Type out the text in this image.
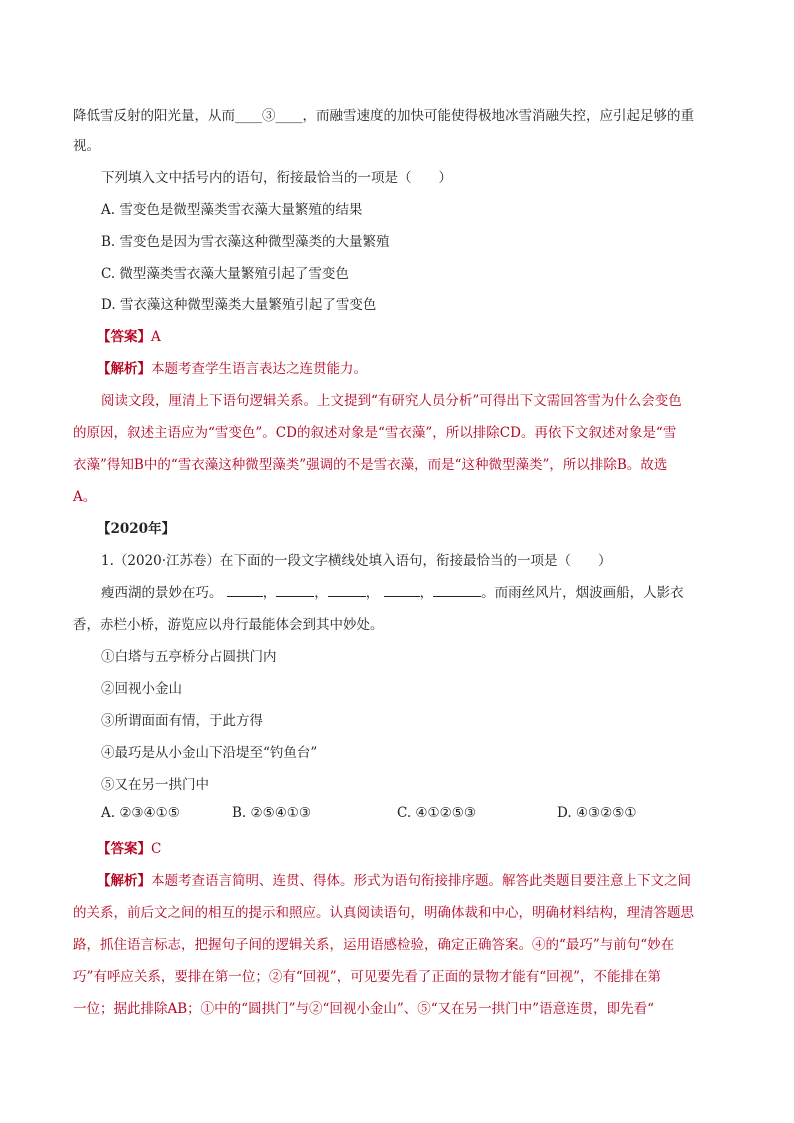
降低雪反射的阳光量，从而____③____，而融雪速度的加快可能使得极地冰雪消融失控，应引起足够的重
视。
下列填入文中括号内的语句，衔接最恰当的一项是（　　）
A. 雪变色是微型藻类雪衣藻大量繁殖的结果
B. 雪变色是因为雪衣藻这种微型藻类的大量繁殖
C. 微型藻类雪衣藻大量繁殖引起了雪变色
D. 雪衣藻这种微型藻类大量繁殖引起了雪变色
【答案】A
【解析】本题考查学生语言表达之连贯能力。
阅读文段，厘清上下语句逻辑关系。上文提到“有研究人员分析”可得出下文需回答雪为什么会变色
的原因，叙述主语应为“雪变色”。CD的叙述对象是“雪衣藻”，所以排除CD。再依下文叙述对象是“雪
衣藻”得知B中的“雪衣藻这种微型藻类”强调的不是雪衣藻，而是“这种微型藻类”，所以排除B。故选
A。
【2020年】
1.（2020·江苏卷）在下面的一段文字横线处填入语句，衔接最恰当的一项是（　　）
瘦西湖的景妙在巧。	，	，	，	，	。而雨丝风片，烟波画船，人影衣
香，赤栏小桥，游览应以舟行最能体会到其中妙处。
①白塔与五亭桥分占圆拱门内
②回视小金山
③所谓面面有情，于此方得
④最巧是从小金山下沿堤至“钓鱼台”
⑤又在另一拱门中
A. ②③④①⑤	B. ②⑤④①③	C. ④①②⑤③	D. ④③②⑤①
【答案】C
【解析】本题考查语言简明、连贯、得体。形式为语句衔接排序题。解答此类题目要注意上下文之间
的关系，前后文之间的相互的提示和照应。认真阅读语句，明确体裁和中心，明确材料结构，理清答题思
路，抓住语言标志，把握句子间的逻辑关系，运用语感检验，确定正确答案。④的“最巧”与前句“妙在
巧”有呼应关系，要排在第一位；②有“回视”，可见要先看了正面的景物才能有“回视”，不能排在第
一位；据此排除AB；①中的“圆拱门”与②“回视小金山”、⑤“又在另一拱门中”语意连贯，即先看“
